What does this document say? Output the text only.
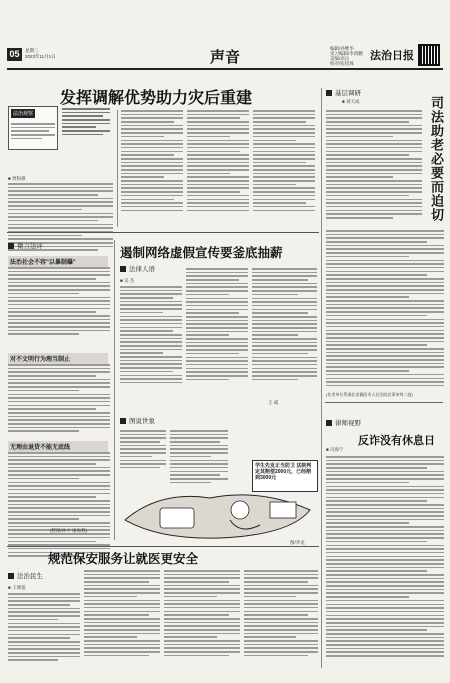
05	星期三
2023年11月1日	声音
编辑/孙继华
见习编辑/李鸿鹏
美编/高岳
校对/张绍珠
法治日报
发挥调解优势助力灾后重建
法治观察
■ 贾和源
基层调研
■ 刘天成	司法助老必要而迫切
(作者单位系湖北省襄阳市人民法院民事审判二庭)
律师视野
反诈没有休息日
■ 冯海宁
微言法评
法治社会不容"以暴制爆"
对不文明行为理当制止
无理由退货不能无底线
(整理/孙宇 康海燕)
遏制网络虚假宣传要釜底抽薪
法律人语
■ 吴 杰
王 威
图说世象
学生先发正当防卫 法院判定其赔偿2000元，已经赔到3000元
图/李龙
规范保安服务让就医更安全
法治民生
■ 王博超
